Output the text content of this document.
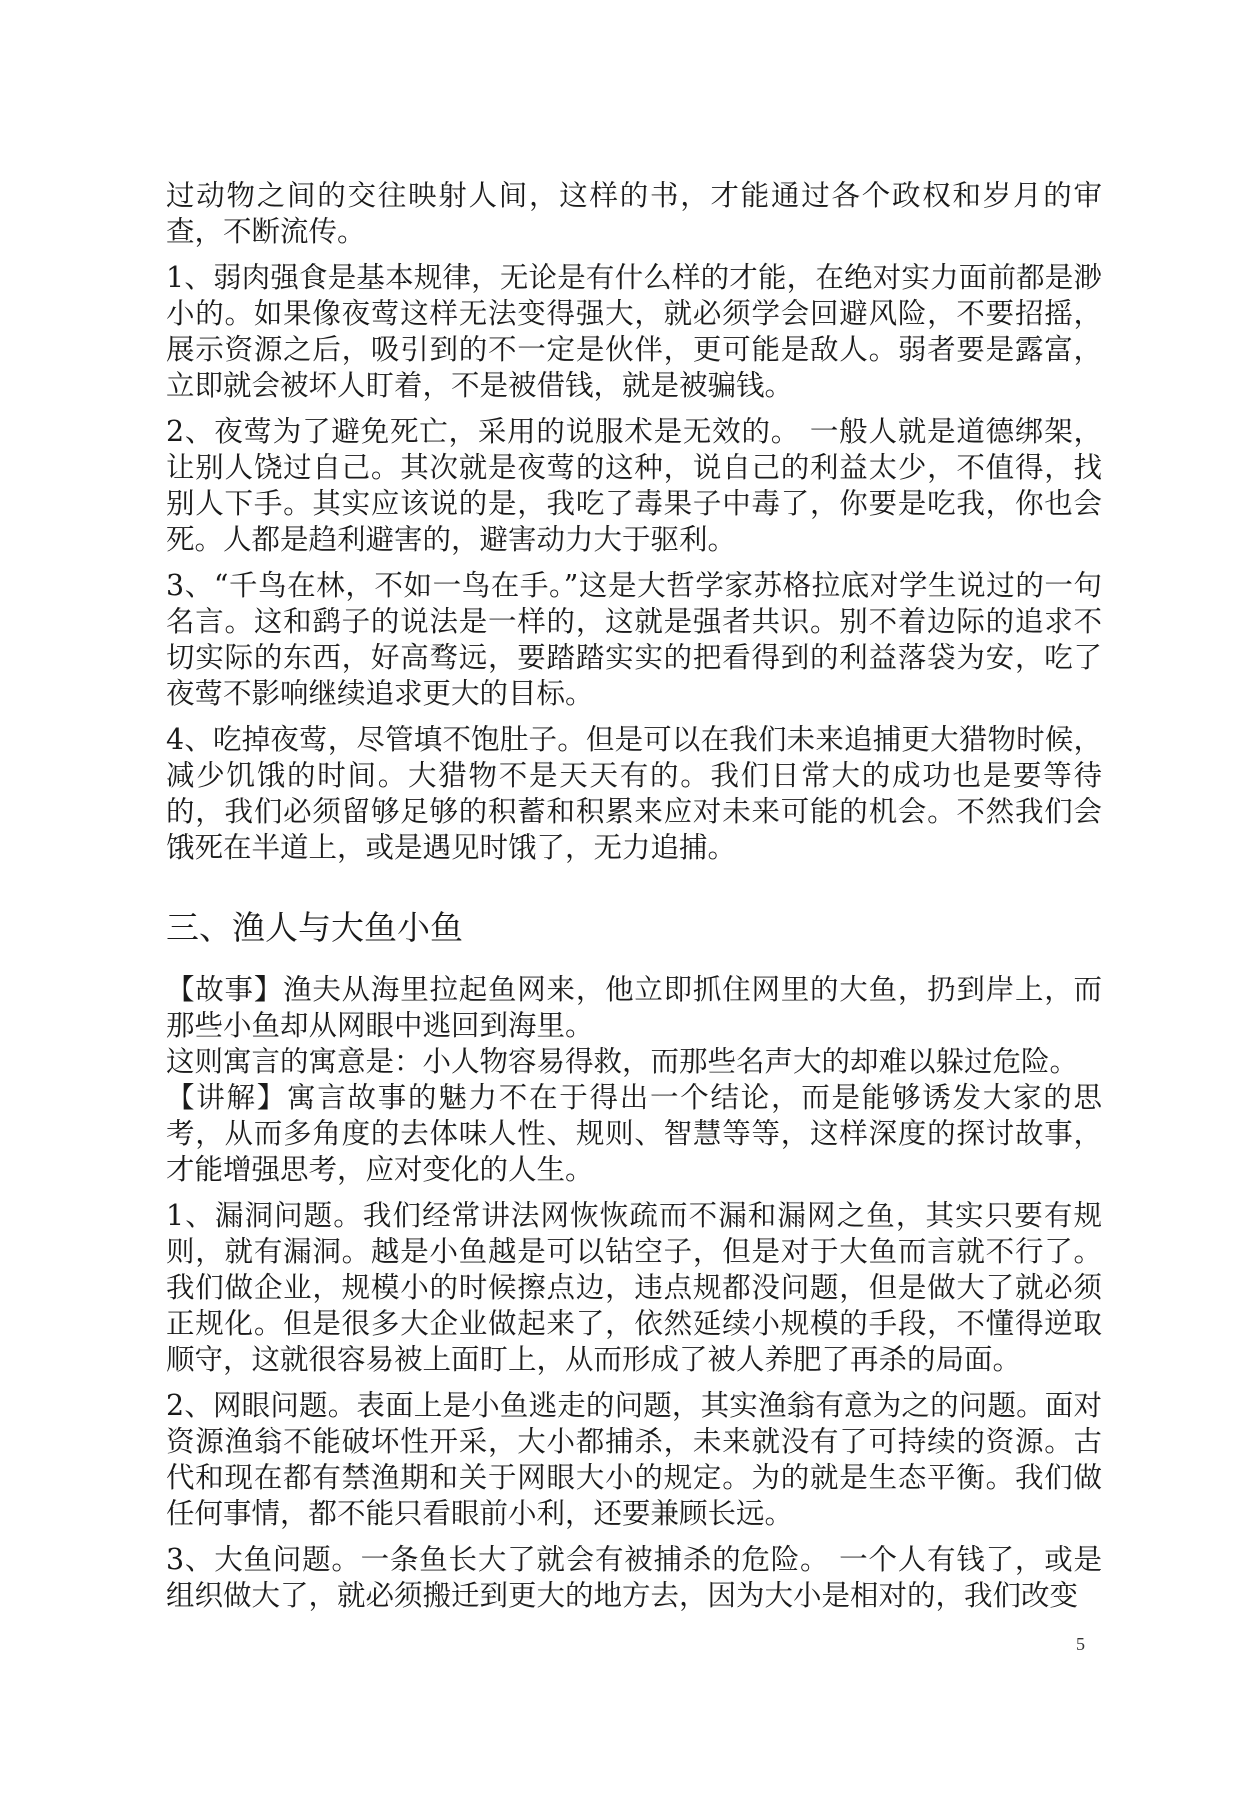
过动物之间的交往映射人间，这样的书，才能通过各个政权和岁月的审查，不断流传。

1、弱肉强食是基本规律，无论是有什么样的才能，在绝对实力面前都是渺小的。如果像夜莺这样无法变得强大，就必须学会回避风险，不要招摇，展示资源之后，吸引到的不一定是伙伴，更可能是敌人。弱者要是露富，立即就会被坏人盯着，不是被借钱，就是被骗钱。

2、夜莺为了避免死亡，采用的说服术是无效的。 一般人就是道德绑架，让别人饶过自己。其次就是夜莺的这种，说自己的利益太少，不值得，找别人下手。其实应该说的是，我吃了毒果子中毒了，你要是吃我，你也会死。人都是趋利避害的，避害动力大于驱利。

3、“千鸟在林，不如一鸟在手。”这是大哲学家苏格拉底对学生说过的一句名言。这和鹞子的说法是一样的，这就是强者共识。别不着边际的追求不切实际的东西，好高骛远，要踏踏实实的把看得到的利益落袋为安，吃了夜莺不影响继续追求更大的目标。

4、吃掉夜莺，尽管填不饱肚子。但是可以在我们未来追捕更大猎物时候，减少饥饿的时间。大猎物不是天天有的。我们日常大的成功也是要等待的，我们必须留够足够的积蓄和积累来应对未来可能的机会。不然我们会饿死在半道上，或是遇见时饿了，无力追捕。

三、渔人与大鱼小鱼

【故事】渔夫从海里拉起鱼网来，他立即抓住网里的大鱼，扔到岸上，而那些小鱼却从网眼中逃回到海里。

这则寓言的寓意是：小人物容易得救，而那些名声大的却难以躲过危险。

【讲解】寓言故事的魅力不在于得出一个结论，而是能够诱发大家的思考，从而多角度的去体味人性、规则、智慧等等，这样深度的探讨故事，才能增强思考，应对变化的人生。

1、漏洞问题。我们经常讲法网恢恢疏而不漏和漏网之鱼，其实只要有规则，就有漏洞。越是小鱼越是可以钻空子，但是对于大鱼而言就不行了。我们做企业，规模小的时候擦点边，违点规都没问题，但是做大了就必须正规化。但是很多大企业做起来了，依然延续小规模的手段，不懂得逆取顺守，这就很容易被上面盯上，从而形成了被人养肥了再杀的局面。

2、网眼问题。表面上是小鱼逃走的问题，其实渔翁有意为之的问题。面对资源渔翁不能破坏性开采，大小都捕杀，未来就没有了可持续的资源。古代和现在都有禁渔期和关于网眼大小的规定。为的就是生态平衡。我们做任何事情，都不能只看眼前小利，还要兼顾长远。

3、大鱼问题。一条鱼长大了就会有被捕杀的危险。 一个人有钱了，或是组织做大了，就必须搬迁到更大的地方去，因为大小是相对的，我们改变

5
